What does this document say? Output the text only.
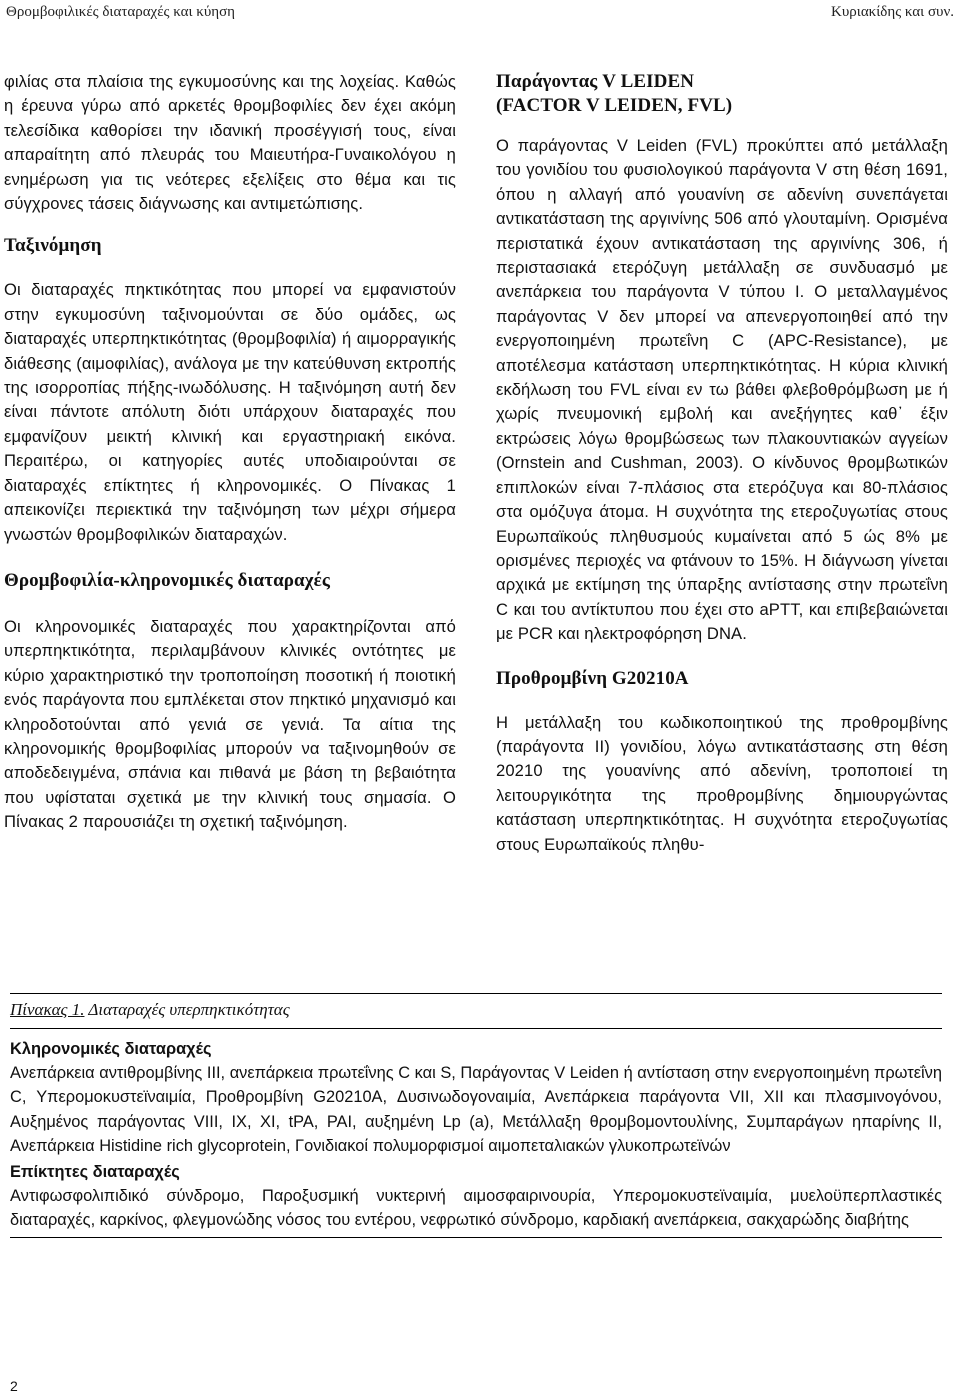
Θρομβοφιλικές διαταραχές και κύηση	Κυριακίδης και συν.

φιλίας στα πλαίσια της εγκυμοσύνης και της λοχείας. Καθώς η έρευνα γύρω από αρκετές θρομβοφιλίες δεν έχει ακόμη τελεσίδικα καθορίσει την ιδανική προσέγγισή τους, είναι απαραίτητη από πλευράς του Μαιευτήρα-Γυναικολόγου η ενημέρωση για τις νεότερες εξελίξεις στο θέμα και τις σύγχρονες τάσεις διάγνωσης και αντιμετώπισης.

Ταξινόμηση

Οι διαταραχές πηκτικότητας που μπορεί να εμφανιστούν στην εγκυμοσύνη ταξινομούνται σε δύο ομάδες, ως διαταραχές υπερπηκτικότητας (θρομβοφιλία) ή αιμορραγικής διάθεσης (αιμοφιλίας), ανάλογα με την κατεύθυνση εκτροπής της ισορροπίας πήξης-ινωδόλυσης. Η ταξινόμηση αυτή δεν είναι πάντοτε απόλυτη διότι υπάρχουν διαταραχές που εμφανίζουν μεικτή κλινική και εργαστηριακή εικόνα. Περαιτέρω, οι κατηγορίες αυτές υποδιαιρούνται σε διαταραχές επίκτητες ή κληρονομικές. Ο Πίνακας 1 απεικονίζει περιεκτικά την ταξινόμηση των μέχρι σήμερα γνωστών θρομβοφιλικών διαταραχών.

Θρομβοφιλία-κληρονομικές διαταραχές

Οι κληρονομικές διαταραχές που χαρακτηρίζονται από υπερπηκτικότητα, περιλαμβάνουν κλινικές οντότητες με κύριο χαρακτηριστικό την τροποποίηση ποσοτική ή ποιοτική ενός παράγοντα που εμπλέκεται στον πηκτικό μηχανισμό και κληροδοτούνται από γενιά σε γενιά. Τα αίτια της κληρονομικής θρομβοφιλίας μπορούν να ταξινομηθούν σε αποδεδειγμένα, σπάνια και πιθανά με βάση τη βεβαιότητα που υφίσταται σχετικά με την κλινική τους σημασία. Ο Πίνακας 2 παρουσιάζει τη σχετική ταξινόμηση.

Παράγοντας V LEIDEN
(FACTOR V LEIDEN, FVL)

Ο παράγοντας V Leiden (FVL) προκύπτει από μετάλλαξη του γονιδίου του φυσιολογικού παράγοντα V στη θέση 1691, όπου η αλλαγή από γουανίνη σε αδενίνη συνεπάγεται αντικατάσταση της αργινίνης 506 από γλουταμίνη. Ορισμένα περιστατικά έχουν αντικατάσταση της αργινίνης 306, ή περιστασιακά ετερόζυγη μετάλλαξη σε συνδυασμό με ανεπάρκεια του παράγοντα V τύπου I. Ο μεταλλαγμένος παράγοντας V δεν μπορεί να απενεργοποιηθεί από την ενεργοποιημένη πρωτεΐνη C (APC-Resistance), με αποτέλεσμα κατάσταση υπερπηκτικότητας. Η κύρια κλινική εκδήλωση του FVL είναι εν τω βάθει φλεβοθρόμβωση με ή χωρίς πνευμονική εμβολή και ανεξήγητες καθ᾽ έξιν εκτρώσεις λόγω θρομβώσεως των πλακουντιακών αγγείων (Ornstein and Cushman, 2003). Ο κίνδυνος θρομβωτικών επιπλοκών είναι 7-πλάσιος στα ετερόζυγα και 80-πλάσιος στα ομόζυγα άτομα. Η συχνότητα της ετεροζυγωτίας στους Ευρωπαϊκούς πληθυσμούς κυμαίνεται από 5 ώς 8% με ορισμένες περιοχές να φτάνουν το 15%. Η διάγνωση γίνεται αρχικά με εκτίμηση της ύπαρξης αντίστασης στην πρωτεΐνη C και του αντίκτυπου που έχει στο aPTT, και επιβεβαιώνεται με PCR και ηλεκτροφόρηση DNA.

Προθρομβίνη G20210A

Η μετάλλαξη του κωδικοποιητικού της προθρομβίνης (παράγοντα II) γονιδίου, λόγω αντικατάστασης στη θέση 20210 της γουανίνης από αδενίνη, τροποποιεί τη λειτουργικότητα της προθρομβίνης δημιουργώντας κατάσταση υπερπηκτικότητας. Η συχνότητα ετεροζυγωτίας στους Ευρωπαϊκούς πληθυ-

Πίνακας 1. Διαταραχές υπερπηκτικότητας
Κληρονομικές διαταραχές
Ανεπάρκεια αντιθρομβίνης III, ανεπάρκεια πρωτεΐνης C και S, Παράγοντας V Leiden ή αντίσταση στην ενεργοποιημένη πρωτεΐνη C, Υπερομοκυστεϊναιμία, Προθρομβίνη G20210A, Δυσινωδογοναιμία, Ανεπάρκεια παράγοντα VII, XII και πλασμινογόνου, Αυξημένος παράγοντας VIII, IX, XI, tPA, PAI, αυξημένη Lp (a), Μετάλλαξη θρομβομοντουλίνης, Συμπαράγων ηπαρίνης II, Ανεπάρκεια Histidine rich glycoprotein, Γονιδιακοί πολυμορφισμοί αιμοπεταλιακών γλυκοπρωτεϊνών
Επίκτητες διαταραχές
Αντιφωσφολιπιδικό σύνδρομο, Παροξυσμική νυκτερινή αιμοσφαιρινουρία, Υπερομοκυστεϊναιμία, μυελοϋπερπλαστικές διαταραχές, καρκίνος, φλεγμονώδης νόσος του εντέρου, νεφρωτικό σύνδρομο, καρδιακή ανεπάρκεια, σακχαρώδης διαβήτης
2
